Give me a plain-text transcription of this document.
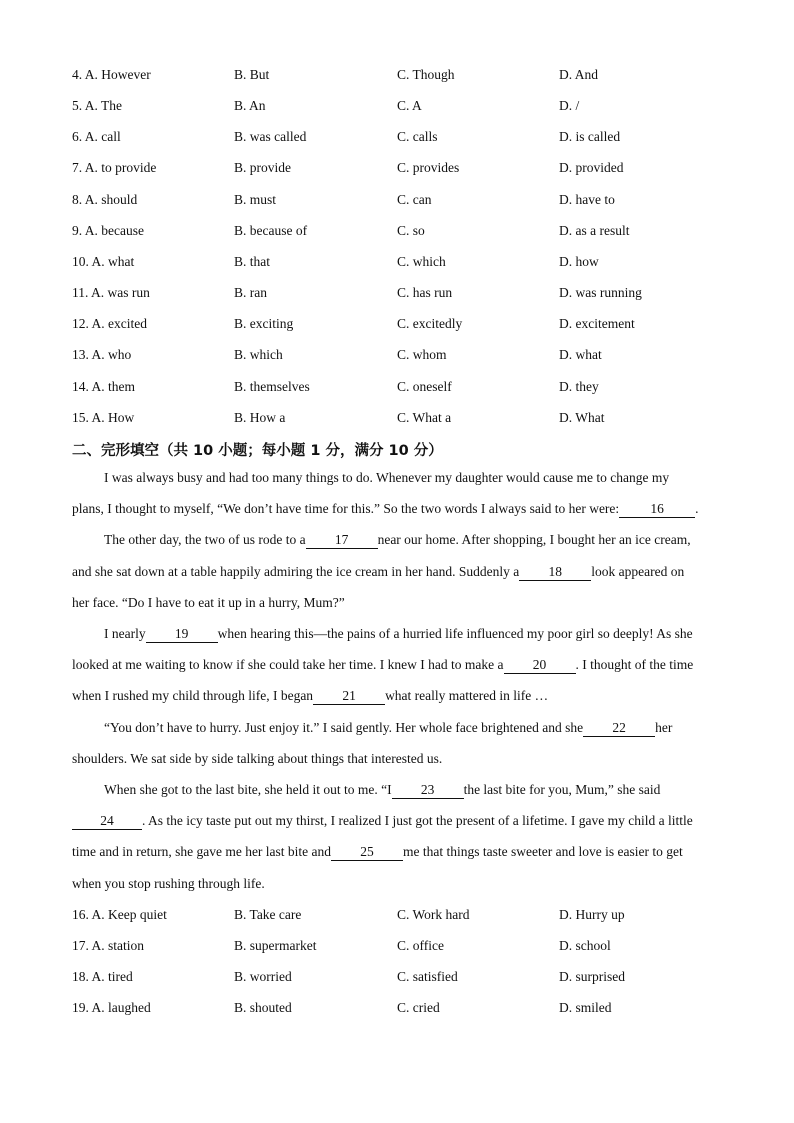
4. A. However	B. But	C. Though	D. And
5. A. The	B. An	C. A	D. /
6. A. call	B. was called	C. calls	D. is called
7. A. to provide	B. provide	C. provides	D. provided
8. A. should	B. must	C. can	D. have to
9. A. because	B. because of	C. so	D. as a result
10. A. what	B. that	C. which	D. how
11. A. was run	B. ran	C. has run	D. was running
12. A. excited	B. exciting	C. excitedly	D. excitement
13. A. who	B. which	C. whom	D. what
14. A. them	B. themselves	C. oneself	D. they
15. A. How	B. How a	C. What a	D. What
二、完形填空（共 10 小题；每小题 1 分，满分 10 分）
I was always busy and had too many things to do. Whenever my daughter would cause me to change my
plans, I thought to myself, “We don’t have time for this.” So the two words I always said to her were: 16 .
The other day, the two of us rode to a 17 near our home. After shopping, I bought her an ice cream,
and she sat down at a table happily admiring the ice cream in her hand. Suddenly a 18 look appeared on
her face. “Do I have to eat it up in a hurry, Mum?”
I nearly 19 when hearing this—the pains of a hurried life influenced my poor girl so deeply! As she
looked at me waiting to know if she could take her time. I knew I had to make a 20 . I thought of the time
when I rushed my child through life, I began 21 what really mattered in life …
“You don’t have to hurry. Just enjoy it.” I said gently. Her whole face brightened and she 22 her
shoulders. We sat side by side talking about things that interested us.
When she got to the last bite, she held it out to me. “I 23 the last bite for you, Mum,” she said
24 . As the icy taste put out my thirst, I realized I just got the present of a lifetime. I gave my child a little
time and in return, she gave me her last bite and 25 me that things taste sweeter and love is easier to get
when you stop rushing through life.
16. A. Keep quiet	B. Take care	C. Work hard	D. Hurry up
17. A. station	B. supermarket	C. office	D. school
18. A. tired	B. worried	C. satisfied	D. surprised
19. A. laughed	B. shouted	C. cried	D. smiled
